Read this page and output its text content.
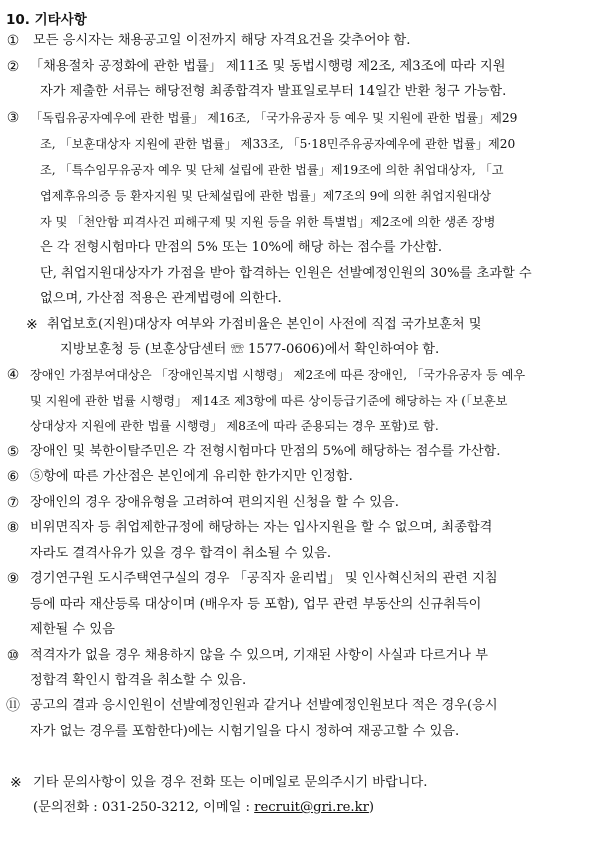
10. 기타사항
① 모든 응시자는 채용공고일 이전까지 해당 자격요건을 갖추어야 함.
② 「채용절차 공정화에 관한 법률」 제11조 및 동법시행령 제2조, 제3조에 따라 지원
자가 제출한 서류는 해당전형 최종합격자 발표일로부터 14일간 반환 청구 가능함.
③ 「독립유공자예우에 관한 법률」 제16조, 「국가유공자 등 예우 및 지원에 관한 법률」제29
조, 「보훈대상자 지원에 관한 법률」 제33조, 「5·18민주유공자예우에 관한 법률」제20
조, 「특수임무유공자 예우 및 단체 설립에 관한 법률」제19조에 의한 취업대상자, 「고
엽제후유의증 등 환자지원 및 단체설립에 관한 법률」제7조의 9에 의한 취업지원대상
자 및 「천안함 피격사건 피해구제 및 지원 등을 위한 특별법」제2조에 의한 생존 장병
은 각 전형시험마다 만점의 5% 또는 10%에 해당 하는 점수를 가산함.
단, 취업지원대상자가 가점을 받아 합격하는 인원은 선발예정인원의 30%를 초과할 수
없으며, 가산점 적용은 관계법령에 의한다.
※ 취업보호(지원)대상자 여부와 가점비율은 본인이 사전에 직접 국가보훈처 및
지방보훈청 등 (보훈상담센터 ☏ 1577-0606)에서 확인하여야 함.
④ 장애인 가점부여대상은 「장애인복지법 시행령」 제2조에 따른 장애인, 「국가유공자 등 예우
및 지원에 관한 법률 시행령」 제14조 제3항에 따른 상이등급기준에 해당하는 자 (「보훈보
상대상자 지원에 관한 법률 시행령」 제8조에 따라 준용되는 경우 포함)로 함.
⑤ 장애인 및 북한이탈주민은 각 전형시험마다 만점의 5%에 해당하는 점수를 가산함.
⑥ ⑤항에 따른 가산점은 본인에게 유리한 한가지만 인정함.
⑦ 장애인의 경우 장애유형을 고려하여 편의지원 신청을 할 수 있음.
⑧ 비위면직자 등 취업제한규정에 해당하는 자는 입사지원을 할 수 없으며, 최종합격
자라도 결격사유가 있을 경우 합격이 취소될 수 있음.
⑨ 경기연구원 도시주택연구실의 경우 「공직자 윤리법」 및 인사혁신처의 관련 지침
등에 따라 재산등록 대상이며 (배우자 등 포함), 업무 관련 부동산의 신규취득이
제한될 수 있음
⑩ 적격자가 없을 경우 채용하지 않을 수 있으며, 기재된 사항이 사실과 다르거나 부
정합격 확인시 합격을 취소할 수 있음.
⑪ 공고의 결과 응시인원이 선발예정인원과 같거나 선발예정인원보다 적은 경우(응시
자가 없는 경우를 포함한다)에는 시험기일을 다시 정하여 재공고할 수 있음.
※ 기타 문의사항이 있을 경우 전화 또는 이메일로 문의주시기 바랍니다.
(문의전화 : 031-250-3212, 이메일 : recruit@gri.re.kr)
